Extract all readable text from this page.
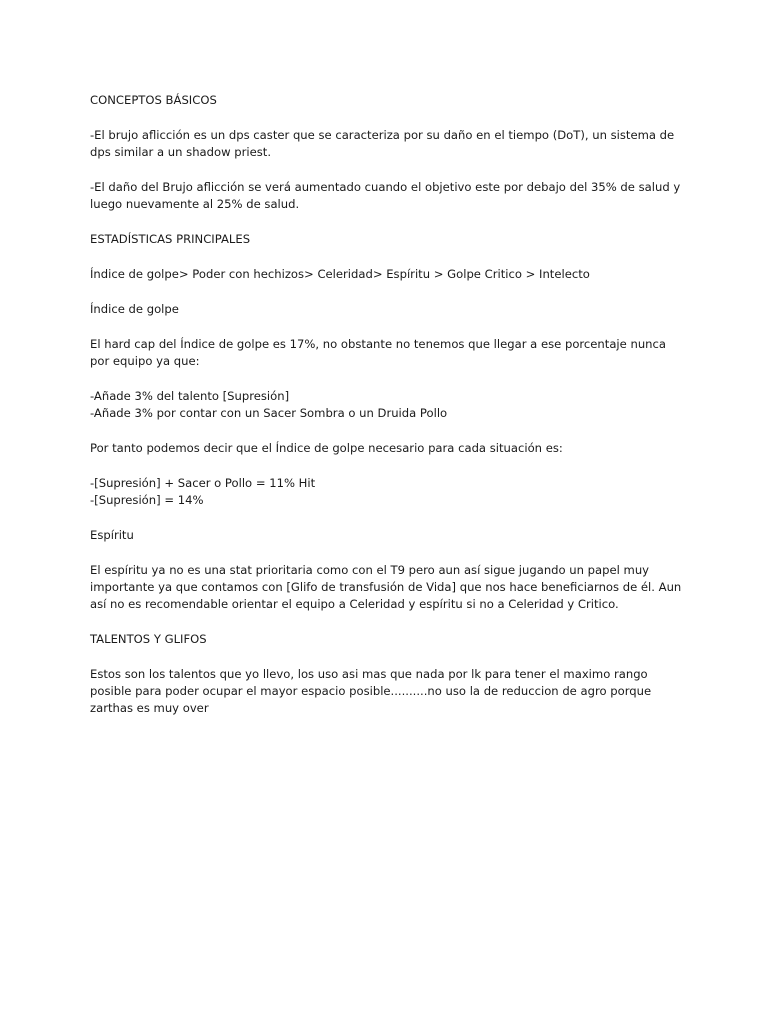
CONCEPTOS BÁSICOS
-El brujo aflicción es un dps caster que se caracteriza por su daño en el tiempo (DoT), un sistema de
dps similar a un shadow priest.
-El daño del Brujo aflicción se verá aumentado cuando el objetivo este por debajo del 35% de salud y
luego nuevamente al 25% de salud.
ESTADÍSTICAS PRINCIPALES
Índice de golpe> Poder con hechizos> Celeridad> Espíritu > Golpe Critico > Intelecto
Índice de golpe
El hard cap del Índice de golpe es 17%, no obstante no tenemos que llegar a ese porcentaje nunca
por equipo ya que:
-Añade 3% del talento [Supresión]
-Añade 3% por contar con un Sacer Sombra o un Druida Pollo
Por tanto podemos decir que el Índice de golpe necesario para cada situación es:
-[Supresión] + Sacer o Pollo = 11% Hit
-[Supresión] = 14%
Espíritu
El espíritu ya no es una stat prioritaria como con el T9 pero aun así sigue jugando un papel muy
importante ya que contamos con [Glifo de transfusión de Vida] que nos hace beneficiarnos de él. Aun
así no es recomendable orientar el equipo a Celeridad y espíritu si no a Celeridad y Critico.
TALENTOS Y GLIFOS
Estos son los talentos que yo llevo, los uso asi mas que nada por lk para tener el maximo rango
posible para poder ocupar el mayor espacio posible..........no uso la de reduccion de agro porque
zarthas es muy over
